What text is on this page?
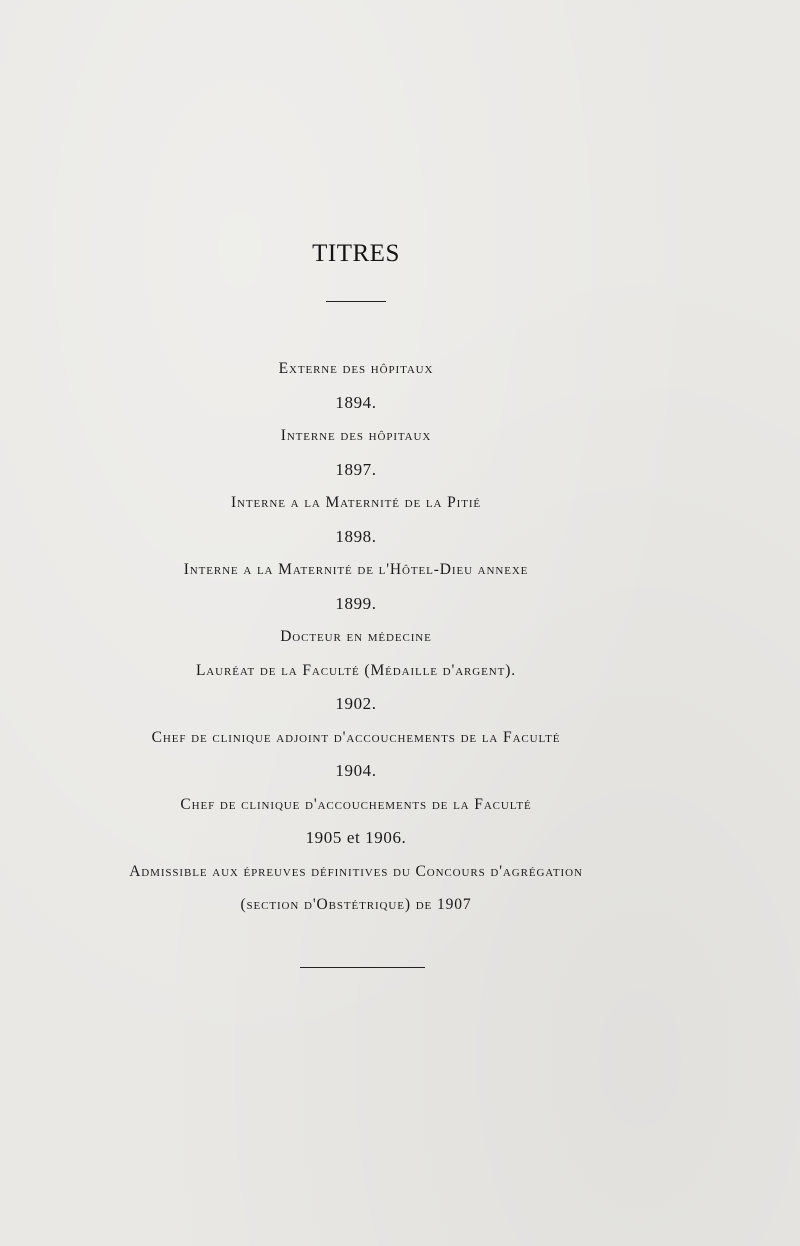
TITRES
Externe des hôpitaux
1894.
Interne des hôpitaux
1897.
Interne a la Maternité de la Pitié
1898.
Interne a la Maternité de l'Hôtel-Dieu annexe
1899.
Docteur en médecine
Lauréat de la Faculté (Médaille d'argent).
1902.
Chef de clinique adjoint d'accouchements de la Faculté
1904.
Chef de clinique d'accouchements de la Faculté
1905 et 1906.
Admissible aux épreuves définitives du Concours d'agrégation
(section d'Obstétrique) de 1907
